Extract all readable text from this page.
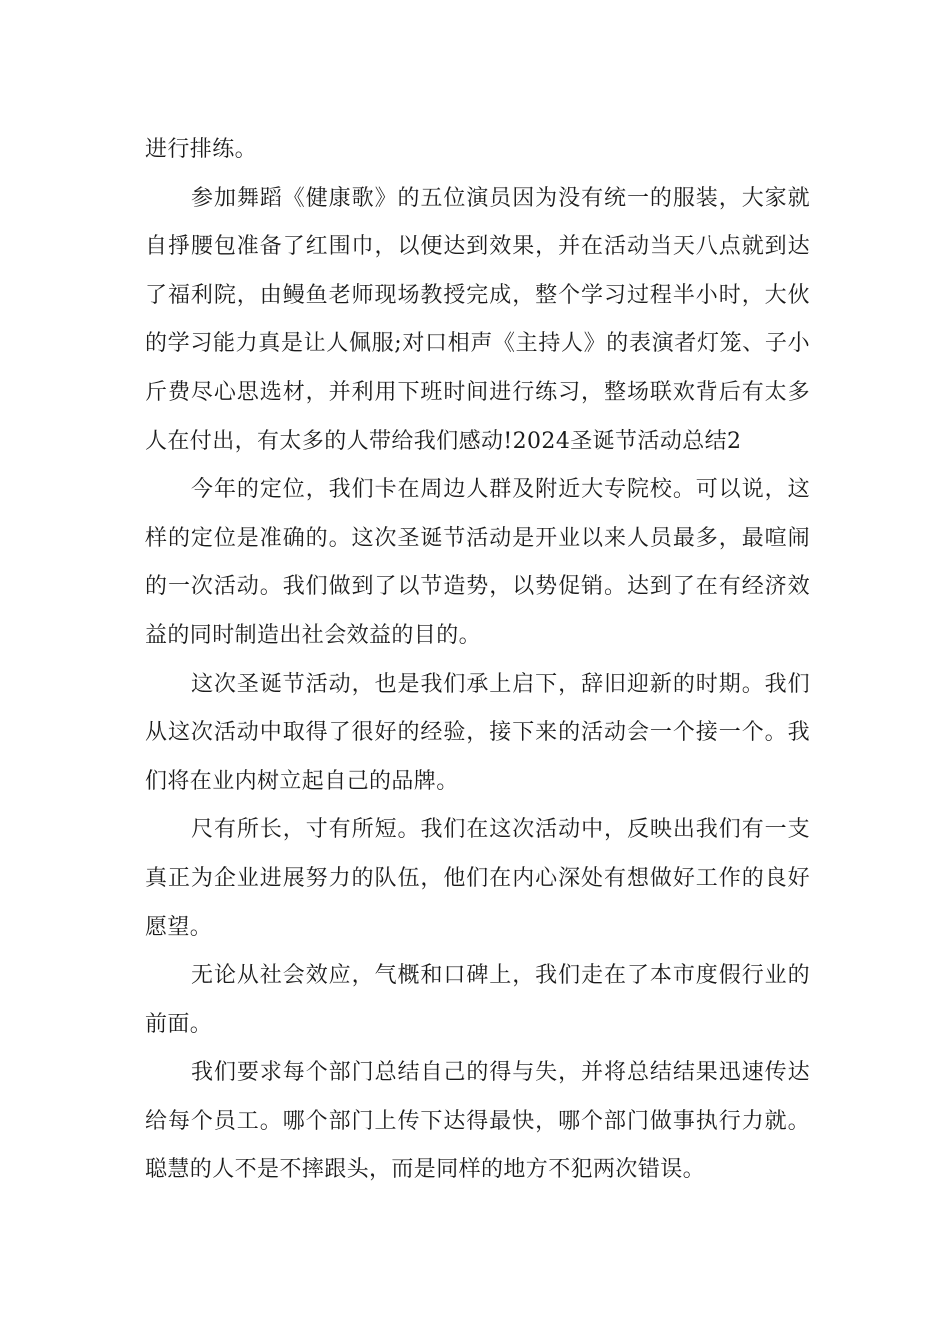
进行排练。

参加舞蹈《健康歌》的五位演员因为没有统一的服装，大家就自掙腰包准备了红围巾，以便达到效果，并在活动当天八点就到达了福利院，由鳗鱼老师现场教授完成，整个学习过程半小时，大伙的学习能力真是让人佩服;对口相声《主持人》的表演者灯笼、子小斤费尽心思选材，并利用下班时间进行练习，整场联欢背后有太多人在付出，有太多的人带给我们感动!2024圣诞节活动总结2

今年的定位，我们卡在周边人群及附近大专院校。可以说，这样的定位是准确的。这次圣诞节活动是开业以来人员最多，最喧闹的一次活动。我们做到了以节造势，以势促销。达到了在有经济效益的同时制造出社会效益的目的。

这次圣诞节活动，也是我们承上启下，辞旧迎新的时期。我们从这次活动中取得了很好的经验，接下来的活动会一个接一个。我们将在业内树立起自己的品牌。

尺有所长，寸有所短。我们在这次活动中，反映出我们有一支真正为企业进展努力的队伍，他们在内心深处有想做好工作的良好愿望。

无论从社会效应，气概和口碑上，我们走在了本市度假行业的前面。

我们要求每个部门总结自己的得与失，并将总结结果迅速传达给每个员工。哪个部门上传下达得最快，哪个部门做事执行力就。聪慧的人不是不摔跟头，而是同样的地方不犯两次错误。
